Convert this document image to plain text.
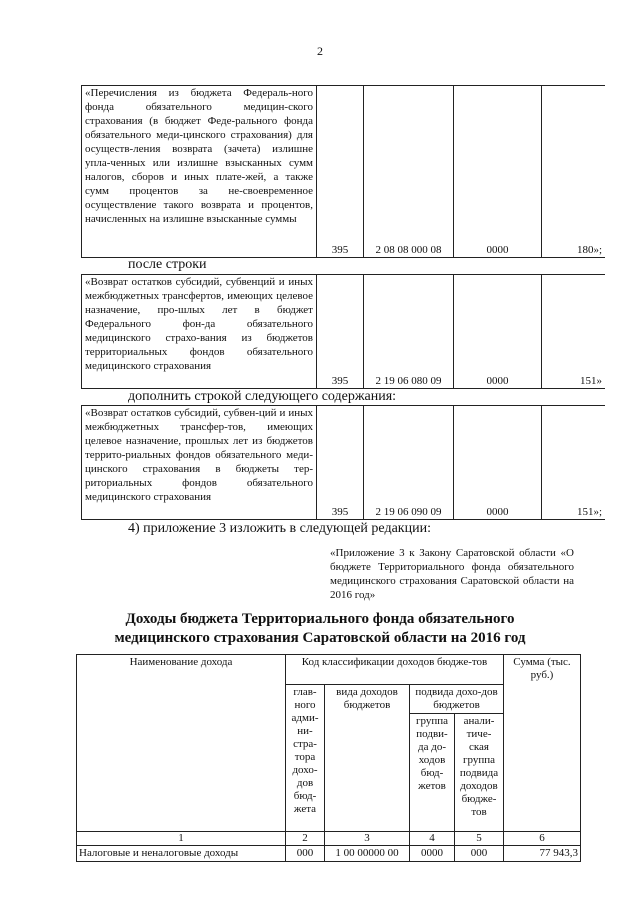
2
«Перечисления из бюджета Федераль-ного фонда обязательного медицин-ского страхования (в бюджет Феде-рального фонда обязательного меди-цинского страхования) для осуществ-ления возврата (зачета) излишне упла-ченных или излишне взысканных сумм налогов, сборов и иных плате-жей, а также сумм процентов за не-своевременное осуществление такого возврата и процентов, начисленных на излишне взысканные суммы	395	2 08 08 000 08	0000	180»;
после строки
«Возврат остатков субсидий, субвенций и иных межбюджетных трансфертов, имеющих целевое назначение, про-шлых лет в бюджет Федерального фон-да обязательного медицинского страхо-вания из бюджетов территориальных фондов обязательного медицинского страхования	395	2 19 06 080 09	0000	151»
дополнить строкой следующего содержания:
«Возврат остатков субсидий, субвен-ций и иных межбюджетных трансфер-тов, имеющих целевое назначение, прошлых лет из бюджетов террито-риальных фондов обязательного меди-цинского страхования в бюджеты тер-риториальных фондов обязательного медицинского страхования	395	2 19 06 090 09	0000	151»;
4) приложение 3 изложить в следующей редакции:
«Приложение 3 к Закону Саратовской области «О бюджете Территориального фонда обязательного медицинского страхования Саратовской области на 2016 год»
Доходы бюджета Территориального фонда обязательного
медицинского страхования Саратовской области на 2016 год
Наименование дохода	Код классификации доходов бюдже-тов				Сумма (тыс. руб.)
	глав-ного адми-ни-стра-тора дохо-дов бюд-жета	вида доходов бюджетов	подвида дохо-дов бюджетов		
			группа подви-да до-ходов бюд-жетов	анали-тиче-ская группа подвида доходов бюдже-тов	
1	2	3	4	5	6
Налоговые и неналоговые доходы	000	1 00 00000 00	0000	000	77 943,3
